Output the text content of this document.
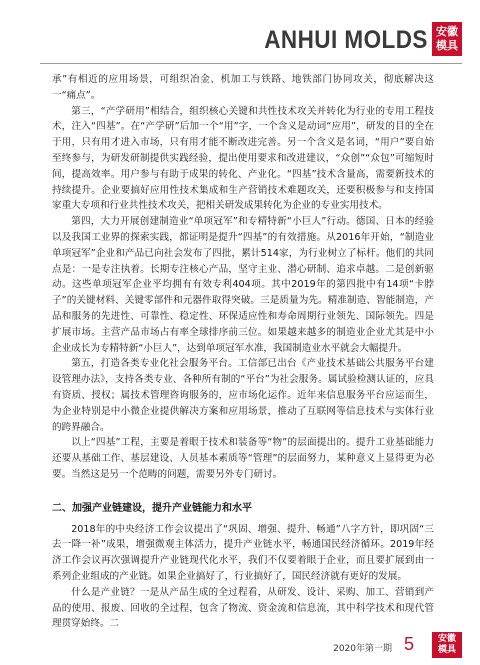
ANHUI MOLDS 安徽
模具

承”有相近的应用场景，可组织冶金、机加工与铁路、地铁部门协同攻关，彻底解决这一“痛点”。

第三，“产学研用”相结合，组织核心关键和共性技术攻关并转化为行业的专用工程技术，注入“四基”。在“产学研”后加一个“用”字，一个含义是动词“应用”，研发的目的全在于用，只有用才进入市场，只有用才能不断改进完善。另一个含义是名词，“用户”要自始至终参与，为研发研制提供实践经验，提出使用要求和改进建议，“众创”“众包”可缩短时间，提高效率。用户参与有助于成果的转化、产业化。“四基”技术含量高，需要新技术的持续提升。企业要搞好应用性技术集成和生产营销技术难题攻关，还要积极参与和支持国家重大专项和行业共性技术攻关，把相关研发成果转化为企业的专业实用技术。

第四，大力开展创建制造业“单项冠军”和专精特新“小巨人”行动。德国、日本的经验以及我国工业界的探索实践，都证明是提升“四基”的有效措施。从2016年开始，“制造业单项冠军”企业和产品已向社会发布了四批，累计514家，为行业树立了标杆。他们的共同点是：一是专注执着。长期专注核心产品，坚守主业、潜心研制、追求卓越。二是创新驱动。这些单项冠军企业平均拥有有效专利404项。其中2019年的第四批中有14项“卡脖子”的关键材料、关键零部件和元器件取得突破。三是质量为先。精准制造、智能制造，产品和服务的先进性、可靠性、稳定性、环保适应性和寿命周期行业领先、国际领先。四是扩展市场。主营产品市场占有率全球排序前三位。如果越来越多的制造业企业尤其是中小企业成长为专精特新“小巨人”，达到单项冠军水准，我国制造业水平就会大幅提升。

第五，打造各类专业化社会服务平台。工信部已出台《产业技术基础公共服务平台建设管理办法》，支持各类专业、各种所有制的“平台”为社会服务。属试验检测认证的，应具有资质、授权；属技术管理咨询服务的，应市场化运作。近年来信息服务平台应运而生，为企业特别是中小微企业提供解决方案和应用场景，推动了互联网等信息技术与实体行业的跨界融合。

以上“四基”工程，主要是着眼于技术和装备等“物”的层面提出的。提升工业基础能力还要从基础工作、基层建设、人员基本素质等“管理”的层面努力，某种意义上显得更为必要。当然这是另一个范畴的问题，需要另外专门研讨。

二、加强产业链建设，提升产业链能力和水平

2018年的中央经济工作会议提出了“巩固、增强、提升、畅通”八字方针，即巩固“三去一降一补”成果，增强微观主体活力，提升产业链水平，畅通国民经济循环。2019年经济工作会议再次强调提升产业链现代化水平，我们不仅要着眼于企业，而且要扩展到由一系列企业组成的产业链。如果企业搞好了，行业搞好了，国民经济就有更好的发展。

什么是产业链？一是从产品生成的全过程看，从研发、设计、采购、加工、营销到产品的使用、报废、回收的全过程，包含了物流、资金流和信息流，其中科学技术和现代管理贯穿始终。二

2020年第一期 5	安徽
模具
